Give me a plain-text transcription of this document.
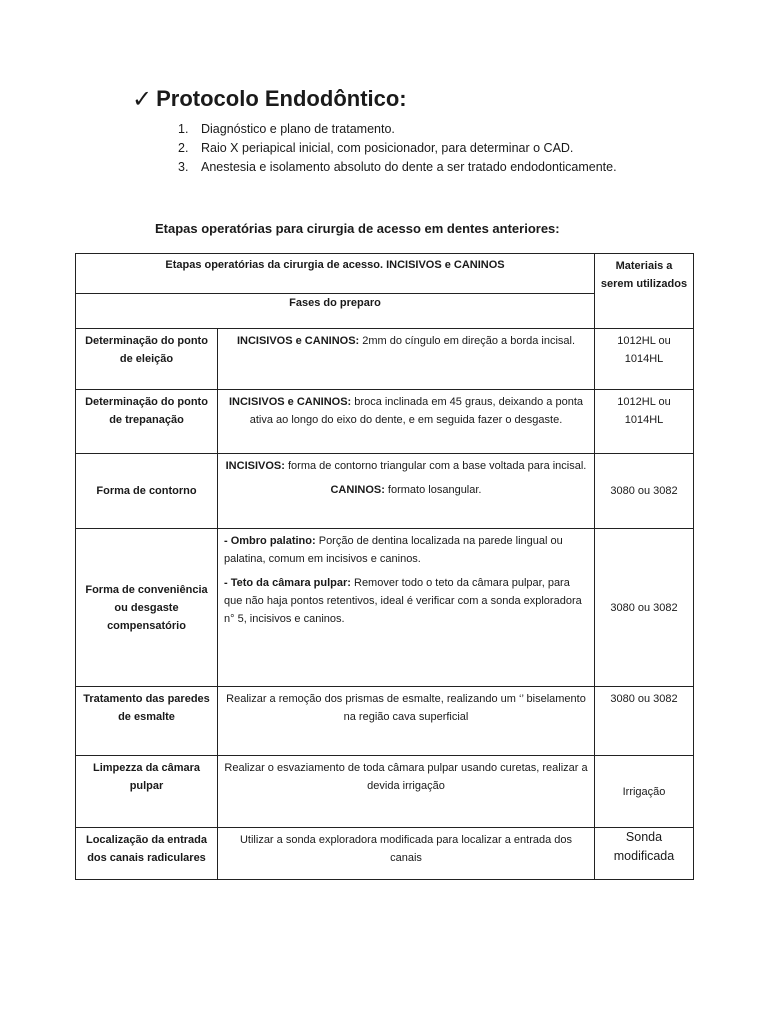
✓ Protocolo Endodôntico:
1.	Diagnóstico e plano de tratamento.
2.	Raio X periapical inicial, com posicionador, para determinar o CAD.
3.	Anestesia e isolamento absoluto do dente a ser tratado endodonticamente.
Etapas operatórias para cirurgia de acesso em dentes anteriores:
Etapas operatórias da cirurgia de acesso. INCISIVOS e CANINOS		Materiais a serem utilizados
Fases do preparo		
Determinação do ponto de eleição	INCISIVOS e CANINOS: 2mm do cíngulo em direção a borda incisal.	1012HL ou 1014HL
Determinação do ponto de trepanação	INCISIVOS e CANINOS: broca inclinada em 45 graus, deixando a ponta ativa ao longo do eixo do dente, e em seguida fazer o desgaste.	1012HL ou 1014HL
Forma de contorno	INCISIVOS: forma de contorno triangular com a base voltada para incisal.

CANINOS: formato losangular.	3080 ou 3082
Forma de conveniência ou desgaste compensatório	- Ombro palatino: Porção de dentina localizada na parede lingual ou palatina, comum em incisivos e caninos.

- Teto da câmara pulpar: Remover todo o teto da câmara pulpar, para que não haja pontos retentivos, ideal é verificar com a sonda exploradora n° 5, incisivos e caninos.	3080 ou 3082
Tratamento das paredes de esmalte	Realizar a remoção dos prismas de esmalte, realizando um ‘’ biselamento na região cava superficial	3080 ou 3082
Limpezza da câmara pulpar	Realizar o esvaziamento de toda câmara pulpar usando curetas, realizar a devida irrigação	Irrigação
Localização da entrada dos canais radiculares	Utilizar a sonda exploradora modificada para localizar a entrada dos canais	Sonda modificada
